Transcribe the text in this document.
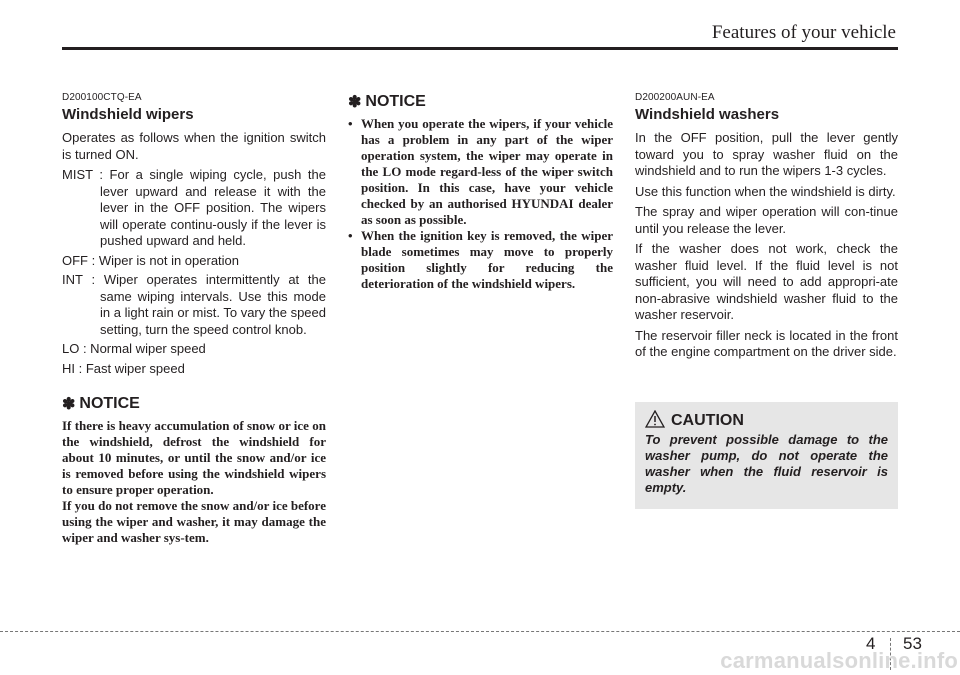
Features of your vehicle
D200100CTQ-EA
Windshield wipers

Operates as follows when the ignition switch is turned ON.

MIST : For a single wiping cycle, push the lever upward and release it with the lever in the OFF position. The wipers will operate continu-ously if the lever is pushed upward and held.
OFF : Wiper is not in operation
INT : Wiper operates intermittently at the same wiping intervals. Use this mode in a light rain or mist. To vary the speed setting, turn the speed control knob.
LO : Normal wiper speed
HI : Fast wiper speed
✽ NOTICE

If there is heavy accumulation of snow or ice on the windshield, defrost the windshield for about 10 minutes, or until the snow and/or ice is removed before using the windshield wipers to ensure proper operation.

If you do not remove the snow and/or ice before using the wiper and washer, it may damage the wiper and washer sys-tem.

✽ NOTICE
• When you operate the wipers, if your vehicle has a problem in any part of the wiper operation system, the wiper may operate in the LO mode regard-less of the wiper switch position. In this case, have your vehicle checked by an authorised HYUNDAI dealer as soon as possible.
• When the ignition key is removed, the wiper blade sometimes may move to properly position slightly for reducing the deterioration of the windshield wipers.
D200200AUN-EA
Windshield washers

In the OFF position, pull the lever gently toward you to spray washer fluid on the windshield and to run the wipers 1-3 cycles.

Use this function when the windshield is dirty.

The spray and wiper operation will con-tinue until you release the lever.

If the washer does not work, check the washer fluid level. If the fluid level is not sufficient, you will need to add appropri-ate non-abrasive windshield washer fluid to the washer reservoir.

The reservoir filler neck is located in the front of the engine compartment on the driver side.

CAUTION

To prevent possible damage to the washer pump, do not operate the washer when the fluid reservoir is empty.

4 53
carmanualsonline.info
